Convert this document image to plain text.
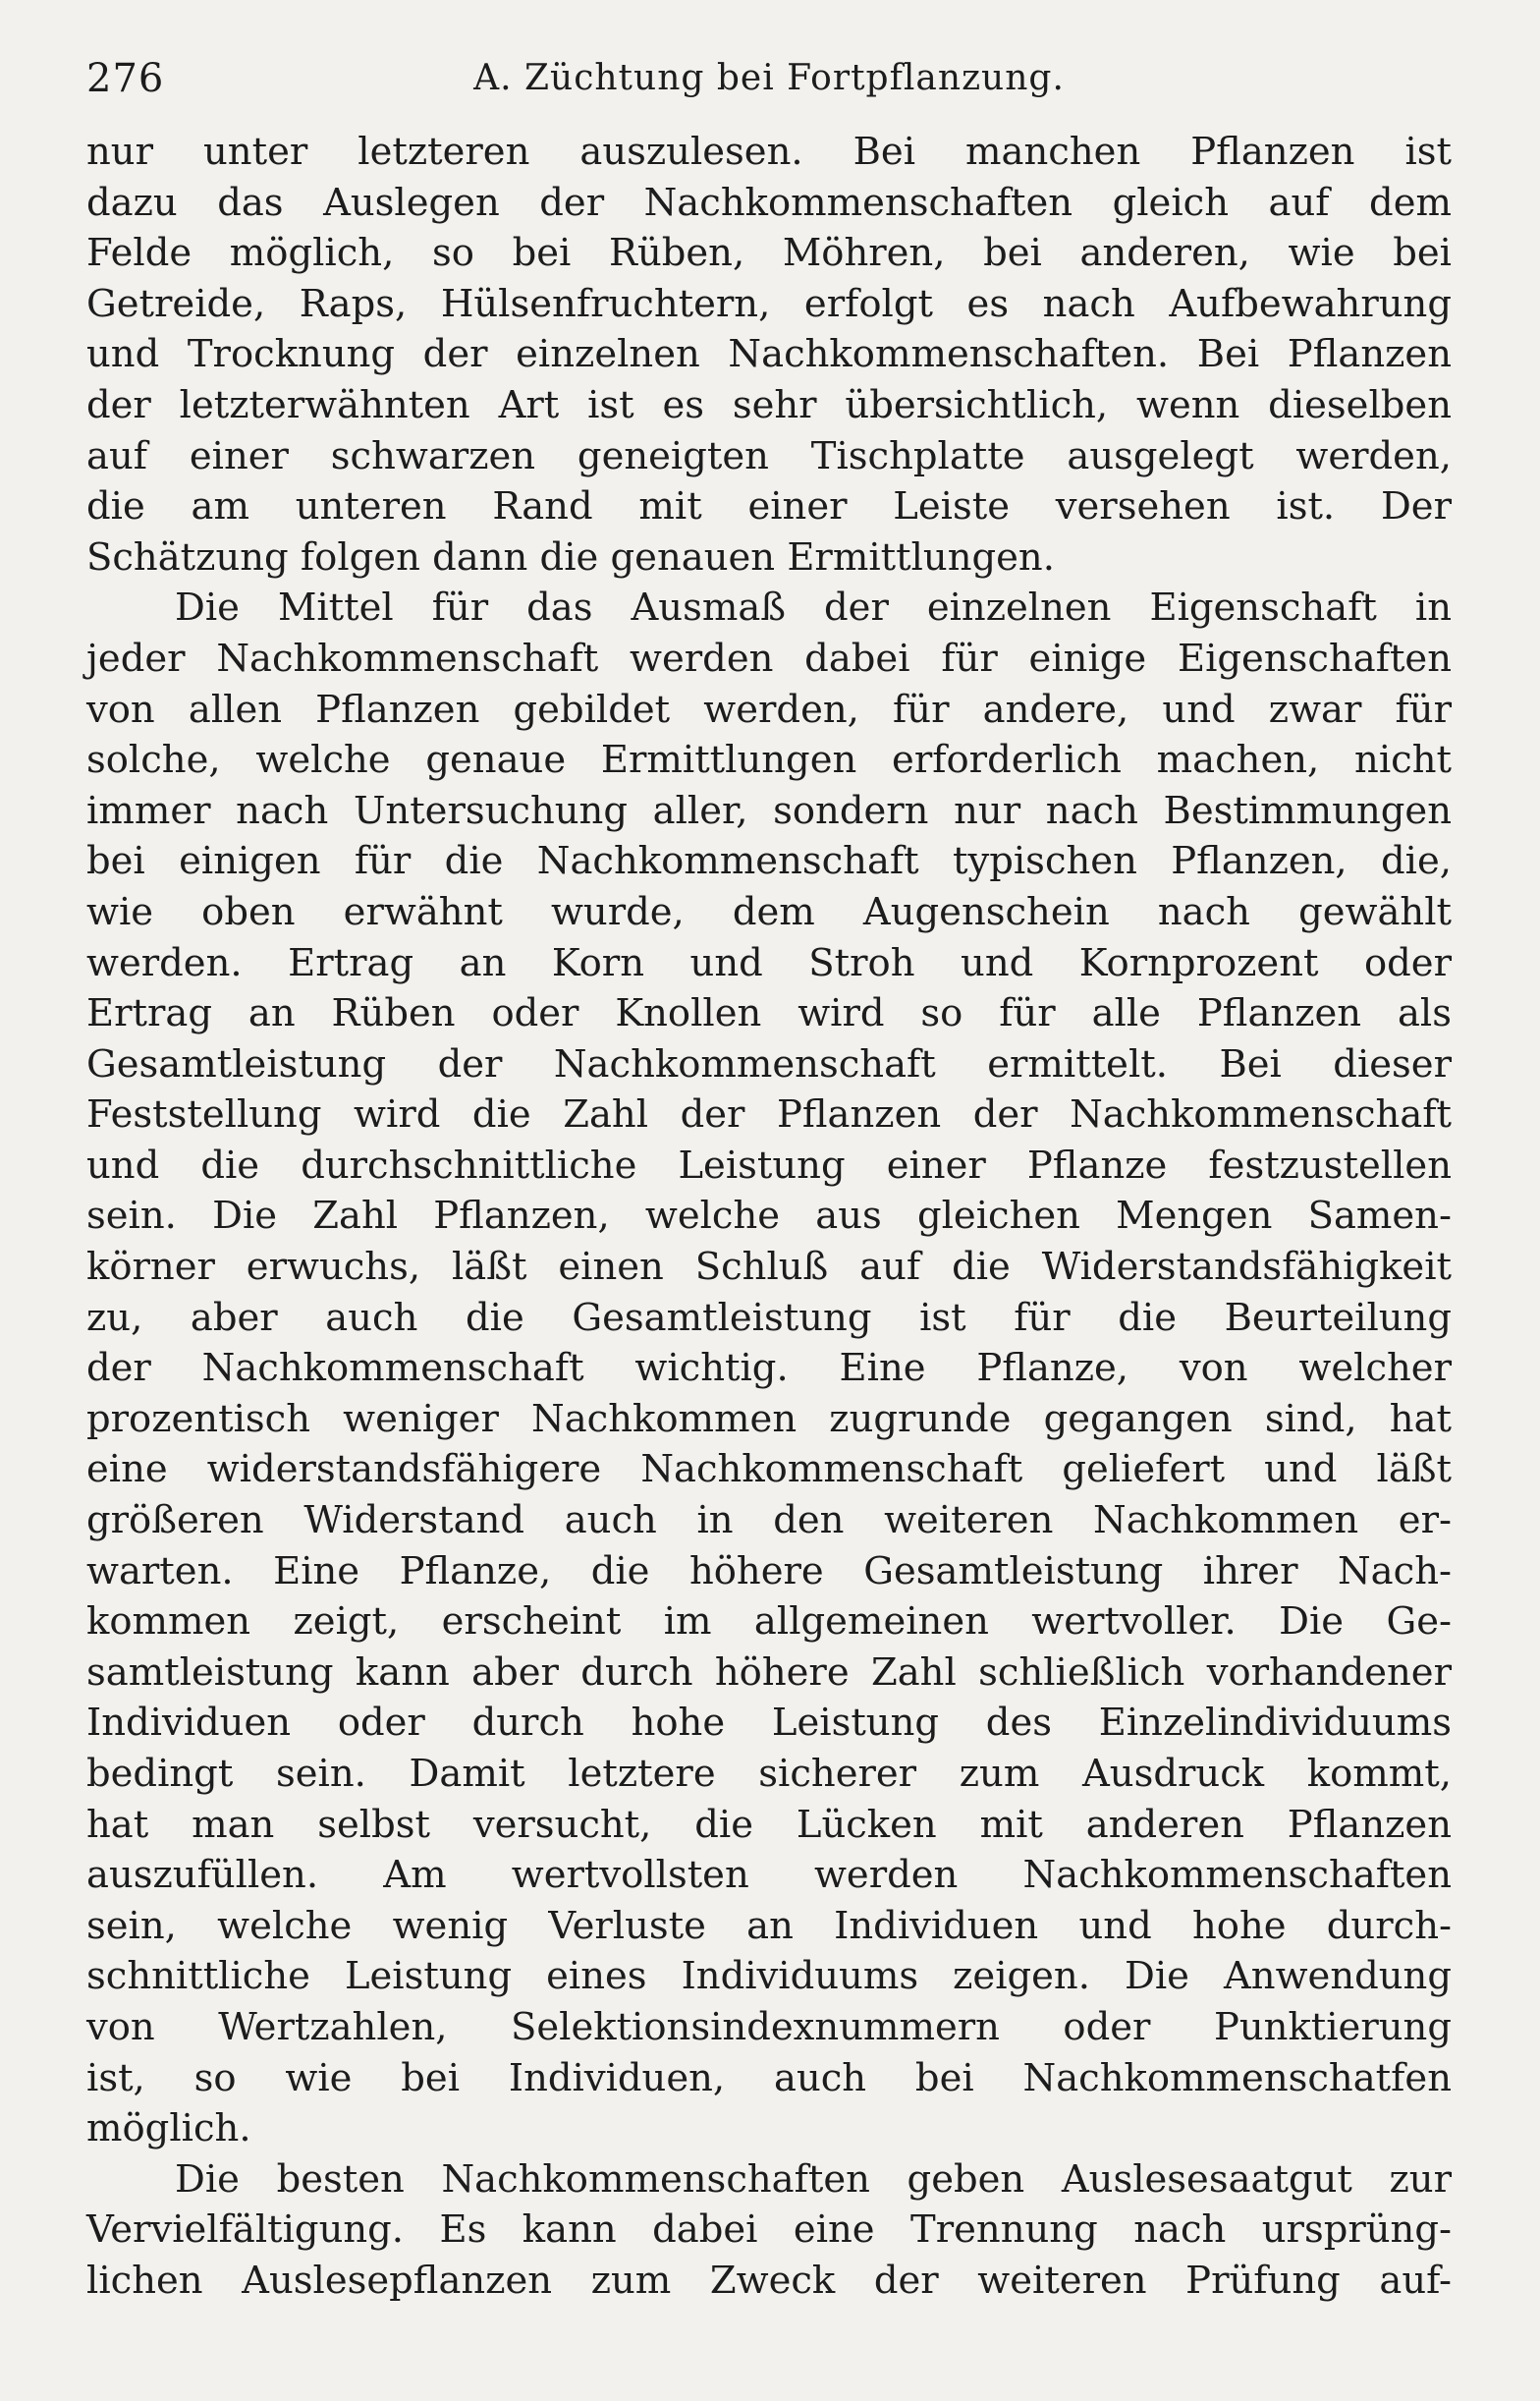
276	A. Züchtung bei Fortpflanzung.
nur unter letzteren auszulesen. Bei manchen Pflanzen ist
dazu das Auslegen der Nachkommenschaften gleich auf dem
Felde möglich, so bei Rüben, Möhren, bei anderen, wie bei
Getreide, Raps, Hülsenfruchtern, erfolgt es nach Aufbewahrung
und Trocknung der einzelnen Nachkommenschaften. Bei Pflanzen
der letzterwähnten Art ist es sehr übersichtlich, wenn dieselben
auf einer schwarzen geneigten Tischplatte ausgelegt werden,
die am unteren Rand mit einer Leiste versehen ist. Der
Schätzung folgen dann die genauen Ermittlungen.
Die Mittel für das Ausmaß der einzelnen Eigenschaft in
jeder Nachkommenschaft werden dabei für einige Eigenschaften
von allen Pflanzen gebildet werden, für andere, und zwar für
solche, welche genaue Ermittlungen erforderlich machen, nicht
immer nach Untersuchung aller, sondern nur nach Bestimmungen
bei einigen für die Nachkommenschaft typischen Pflanzen, die,
wie oben erwähnt wurde, dem Augenschein nach gewählt
werden. Ertrag an Korn und Stroh und Kornprozent oder
Ertrag an Rüben oder Knollen wird so für alle Pflanzen als
Gesamtleistung der Nachkommenschaft ermittelt. Bei dieser
Feststellung wird die Zahl der Pflanzen der Nachkommenschaft
und die durchschnittliche Leistung einer Pflanze festzustellen
sein. Die Zahl Pflanzen, welche aus gleichen Mengen Samen-
körner erwuchs, läßt einen Schluß auf die Widerstandsfähigkeit
zu, aber auch die Gesamtleistung ist für die Beurteilung
der Nachkommenschaft wichtig. Eine Pflanze, von welcher
prozentisch weniger Nachkommen zugrunde gegangen sind, hat
eine widerstandsfähigere Nachkommenschaft geliefert und läßt
größeren Widerstand auch in den weiteren Nachkommen er-
warten. Eine Pflanze, die höhere Gesamtleistung ihrer Nach-
kommen zeigt, erscheint im allgemeinen wertvoller. Die Ge-
samtleistung kann aber durch höhere Zahl schließlich vorhandener
Individuen oder durch hohe Leistung des Einzelindividuums
bedingt sein. Damit letztere sicherer zum Ausdruck kommt,
hat man selbst versucht, die Lücken mit anderen Pflanzen
auszufüllen. Am wertvollsten werden Nachkommenschaften
sein, welche wenig Verluste an Individuen und hohe durch-
schnittliche Leistung eines Individuums zeigen. Die Anwendung
von Wertzahlen, Selektionsindexnummern oder Punktierung
ist, so wie bei Individuen, auch bei Nachkommenschatfen
möglich.
Die besten Nachkommenschaften geben Auslesesaatgut zur
Vervielfältigung. Es kann dabei eine Trennung nach ursprüng-
lichen Auslesepflanzen zum Zweck der weiteren Prüfung auf-
